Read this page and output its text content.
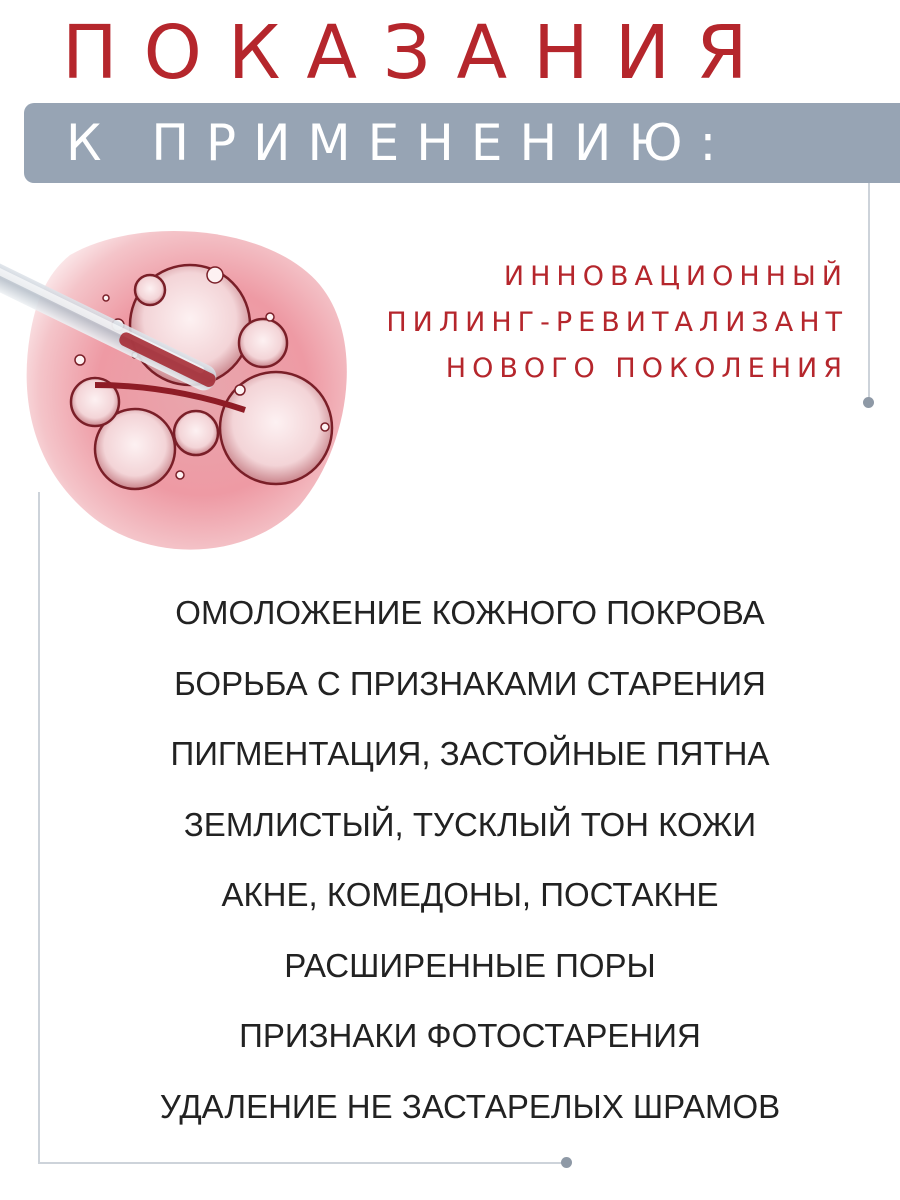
ПОКАЗАНИЯ
К ПРИМЕНЕНИЮ:
ИННОВАЦИОННЫЙ
ПИЛИНГ-РЕВИТАЛИЗАНТ
НОВОГО ПОКОЛЕНИЯ
ОМОЛОЖЕНИЕ КОЖНОГО ПОКРОВА
БОРЬБА С ПРИЗНАКАМИ СТАРЕНИЯ
ПИГМЕНТАЦИЯ, ЗАСТОЙНЫЕ ПЯТНА
ЗЕМЛИСТЫЙ, ТУСКЛЫЙ ТОН КОЖИ
АКНЕ, КОМЕДОНЫ, ПОСТАКНЕ
РАСШИРЕННЫЕ ПОРЫ
ПРИЗНАКИ ФОТОСТАРЕНИЯ
УДАЛЕНИЕ НЕ ЗАСТАРЕЛЫХ ШРАМОВ
